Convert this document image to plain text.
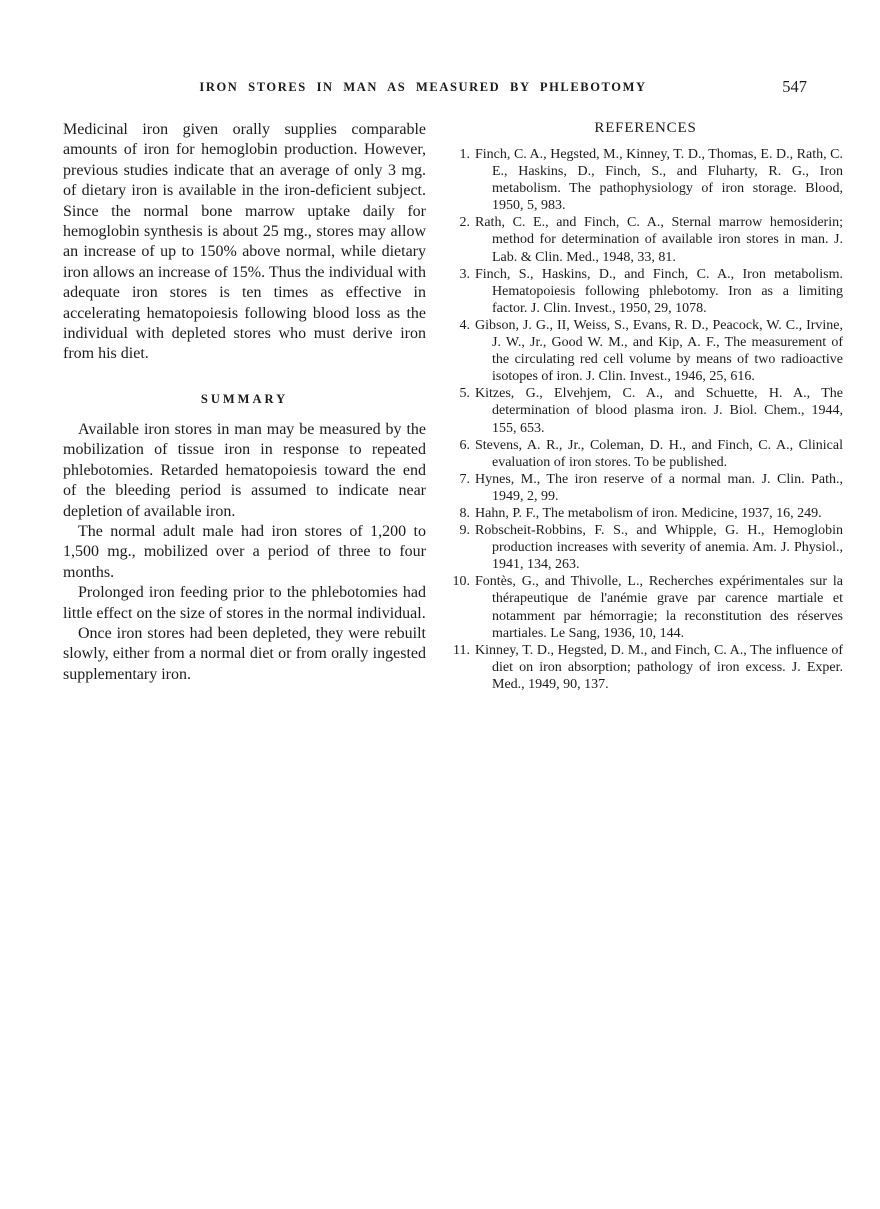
IRON STORES IN MAN AS MEASURED BY PHLEBOTOMY	547

Medicinal iron given orally supplies comparable amounts of iron for hemoglobin production. However, previous studies indicate that an average of only 3 mg. of dietary iron is available in the iron-deficient subject. Since the normal bone marrow uptake daily for hemoglobin synthesis is about 25 mg., stores may allow an increase of up to 150% above normal, while dietary iron allows an increase of 15%. Thus the individual with adequate iron stores is ten times as effective in accelerating hematopoiesis following blood loss as the individual with depleted stores who must derive iron from his diet.

SUMMARY

Available iron stores in man may be measured by the mobilization of tissue iron in response to repeated phlebotomies. Retarded hematopoiesis toward the end of the bleeding period is assumed to indicate near depletion of available iron.

The normal adult male had iron stores of 1,200 to 1,500 mg., mobilized over a period of three to four months.

Prolonged iron feeding prior to the phlebotomies had little effect on the size of stores in the normal individual.

Once iron stores had been depleted, they were rebuilt slowly, either from a normal diet or from orally ingested supplementary iron.

REFERENCES
1. Finch, C. A., Hegsted, M., Kinney, T. D., Thomas, E. D., Rath, C. E., Haskins, D., Finch, S., and Fluharty, R. G., Iron metabolism. The pathophysiology of iron storage. Blood, 1950, 5, 983.
2. Rath, C. E., and Finch, C. A., Sternal marrow hemosiderin; method for determination of available iron stores in man. J. Lab. & Clin. Med., 1948, 33, 81.
3. Finch, S., Haskins, D., and Finch, C. A., Iron metabolism. Hematopoiesis following phlebotomy. Iron as a limiting factor. J. Clin. Invest., 1950, 29, 1078.
4. Gibson, J. G., II, Weiss, S., Evans, R. D., Peacock, W. C., Irvine, J. W., Jr., Good W. M., and Kip, A. F., The measurement of the circulating red cell volume by means of two radioactive isotopes of iron. J. Clin. Invest., 1946, 25, 616.
5. Kitzes, G., Elvehjem, C. A., and Schuette, H. A., The determination of blood plasma iron. J. Biol. Chem., 1944, 155, 653.
6. Stevens, A. R., Jr., Coleman, D. H., and Finch, C. A., Clinical evaluation of iron stores. To be published.
7. Hynes, M., The iron reserve of a normal man. J. Clin. Path., 1949, 2, 99.
8. Hahn, P. F., The metabolism of iron. Medicine, 1937, 16, 249.
9. Robscheit-Robbins, F. S., and Whipple, G. H., Hemoglobin production increases with severity of anemia. Am. J. Physiol., 1941, 134, 263.
10. Fontès, G., and Thivolle, L., Recherches expérimentales sur la thérapeutique de l'anémie grave par carence martiale et notamment par hémorragie; la reconstitution des réserves martiales. Le Sang, 1936, 10, 144.
11. Kinney, T. D., Hegsted, D. M., and Finch, C. A., The influence of diet on iron absorption; pathology of iron excess. J. Exper. Med., 1949, 90, 137.
